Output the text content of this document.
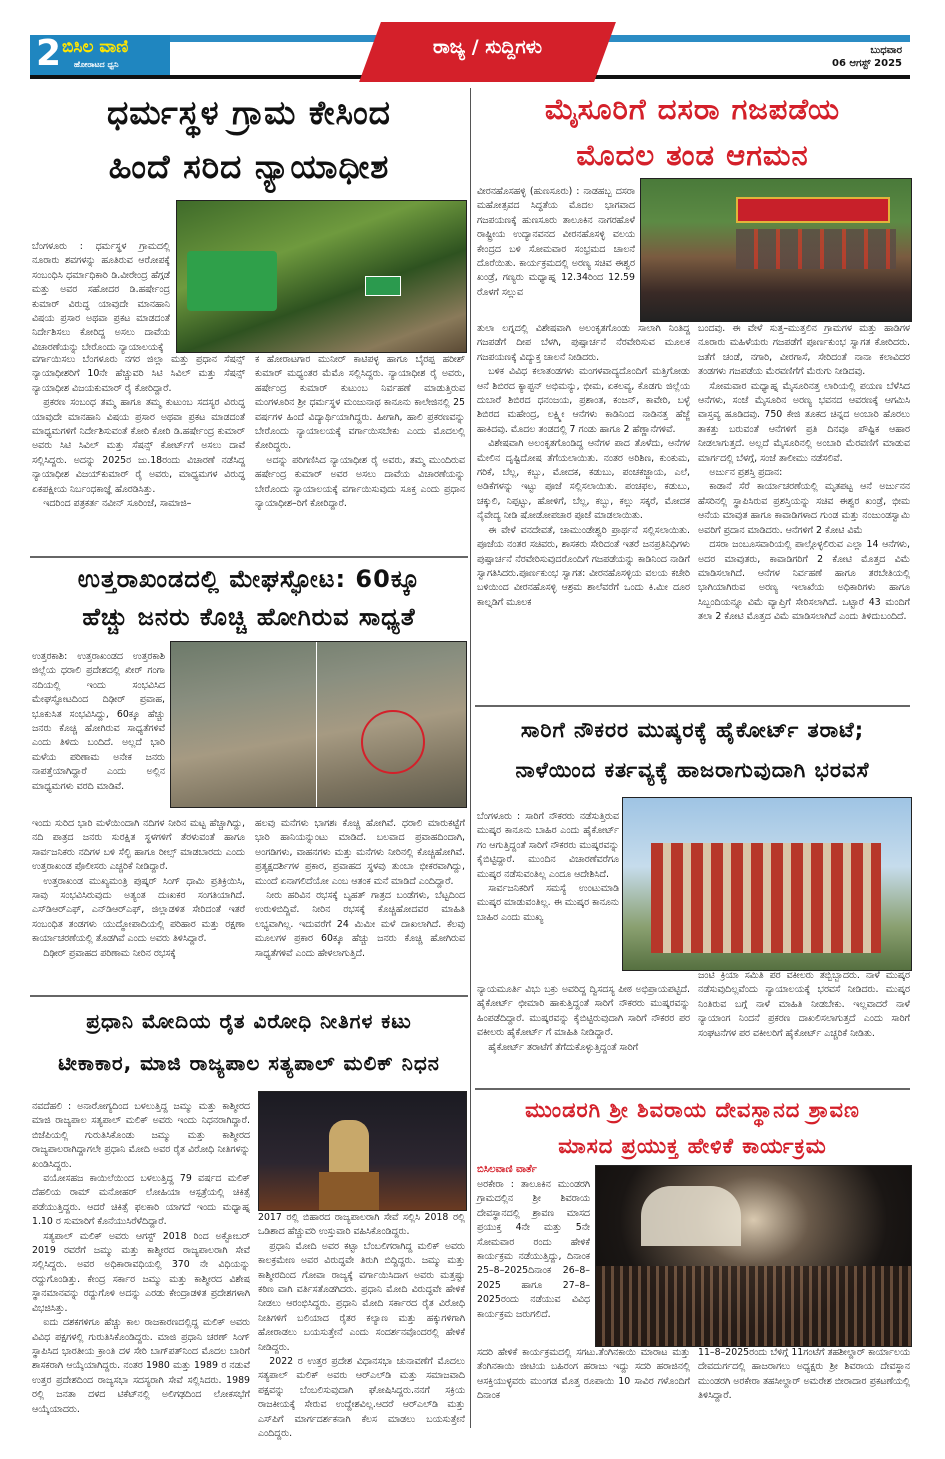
2 ಬಿಸಿಲ ವಾಣಿ
ಹೋರಾಟದ ಧ್ವನಿ
ರಾಜ್ಯ / ಸುದ್ದಿಗಳು	ಬುಧವಾರ
06 ಆಗಸ್ಟ್ 2025
ಧರ್ಮಸ್ಥಳ ಗ್ರಾಮ ಕೇಸಿಂದ
ಹಿಂದೆ ಸರಿದ ನ್ಯಾಯಾಧೀಶ

ಬೆಂಗಳೂರು : ಧರ್ಮಸ್ಥಳ ಗ್ರಾಮದಲ್ಲಿ ನೂರಾರು ಶವಗಳನ್ನು ಹೂತಿರುವ ಆರೋಪಕ್ಕೆ ಸಂಬಂಧಿಸಿ ಧರ್ಮಾಧಿಕಾರಿ ಡಿ.ವೀರೇಂದ್ರ ಹೆಗ್ಗಡೆ ಮತ್ತು ಅವರ ಸಹೋದರ ಡಿ.ಹರ್ಷೇಂದ್ರ ಕುಮಾರ್ ವಿರುದ್ಧ ಯಾವುದೇ ಮಾನಹಾನಿ ವಿಷಯ ಪ್ರಸಾರ ಅಥವಾ ಪ್ರಕಟ ಮಾಡದಂತೆ ನಿರ್ದೇಶಿಸಲು ಕೋರಿದ್ದ ಅಸಲು ದಾವೆಯ ವಿಚಾರಣೆಯನ್ನು ಬೇರೊಂದು ನ್ಯಾಯಾಲಯಕ್ಕೆ

ವರ್ಗಾಯಿಸಲು ಬೆಂಗಳೂರು ನಗರ ಜಿಲ್ಲಾ ಮತ್ತು ಪ್ರಧಾನ ಸೆಷನ್ಸ್ ನ್ಯಾಯಾಧೀಶರಿಗೆ 10ನೇ ಹೆಚ್ಚುವರಿ ಸಿಟಿ ಸಿವಿಲ್ ಮತ್ತು ಸೆಷನ್ಸ್ ನ್ಯಾಯಾಧೀಶ ವಿಜಯಕುಮಾರ್ ರೈ ಕೋರಿದ್ದಾರೆ.

ಪ್ರಕರಣ ಸಂಬಂಧ ತಮ್ಮ ಹಾಗೂ ತಮ್ಮ ಕುಟುಂಬ ಸದಸ್ಯರ ವಿರುದ್ಧ ಯಾವುದೇ ಮಾನಹಾನಿ ವಿಷಯ ಪ್ರಸಾರ ಅಥವಾ ಪ್ರಕಟ ಮಾಡದಂತೆ ಮಾಧ್ಯಮಗಳಿಗೆ ನಿರ್ದೇಶಿಸುವಂತೆ ಕೋರಿ ಕೋರಿ ಡಿ.ಹರ್ಷೇಂದ್ರ ಕುಮಾರ್ ಅವರು ಸಿಟಿ ಸಿವಿಲ್ ಮತ್ತು ಸೆಷನ್ಸ್ ಕೋರ್ಟ್‌ಗೆ ಅಸಲು ದಾವೆ ಸಲ್ಲಿಸಿದ್ದರು. ಅದನ್ನು 2025ರ ಜು.18ರಂದು ವಿಚಾರಣೆ ನಡೆಸಿದ್ದ ನ್ಯಾಯಾಧೀಶ ವಿಜಯ್‌ಕುಮಾರ್ ರೈ ಅವರು, ಮಾಧ್ಯಮಗಳ ವಿರುದ್ಧ ಏಕಪಕ್ಷೀಯ ನಿರ್ಬಂಧಕಾಜ್ಞೆ ಹೊರಡಿಸಿತ್ತು.

ಇದರಿಂದ ಪತ್ರಕರ್ತ ನವೀನ್ ಸೂರಿಂಜೆ, ಸಾಮಾಜಿ–

ಕ ಹೋರಾಟಗಾರ ಮುನೀರ್ ಕಾಟಿಪಳ್ಳ ಹಾಗೂ ಬೈರಪ್ಪ ಹರೀಶ್ ಕುಮಾರ್ ಮಧ್ಯಂತರ ಮೆಮೊ ಸಲ್ಲಿಸಿದ್ದರು. ನ್ಯಾಯಾಧೀಶ ರೈ ಅವರು, ಹರ್ಷೇಂದ್ರ ಕುಮಾರ್ ಕುಟುಂಬ ನಿರ್ವಹಣೆ ಮಾಡುತ್ತಿರುವ ಮಂಗಳೂರಿನ ಶ್ರೀ ಧರ್ಮಸ್ಥಳ ಮಂಜುನಾಥ ಕಾನೂನು ಕಾಲೇಜಿನಲ್ಲಿ 25 ವರ್ಷಗಳ ಹಿಂದೆ ವಿದ್ಯಾರ್ಥಿಯಾಗಿದ್ದರು. ಹೀಗಾಗಿ, ಹಾಲಿ ಪ್ರಕರಣವನ್ನು ಬೇರೊಂದು ನ್ಯಾಯಾಲಯಕ್ಕೆ ವರ್ಗಾಯಿಸಬೇಕು ಎಂದು ಮೊದಲಲ್ಲಿ ಕೋರಿದ್ದರು.

ಅದನ್ನು ಪರಿಗಣಿಸಿದ ನ್ಯಾಯಾಧೀಶ ರೈ ಅವರು, ತಮ್ಮ ಮುಂದಿರುವ ಹರ್ಷೇಂದ್ರ ಕುಮಾರ್ ಅವರ ಅಸಲು ದಾವೆಯ ವಿಚಾರಣೆಯನ್ನು ಬೇರೊಂದು ನ್ಯಾಯಾಲಯಕ್ಕೆ ವರ್ಗಾಯಿಸುವುದು ಸೂಕ್ತ ಎಂದು ಪ್ರಧಾನ ನ್ಯಾಯಾಧೀಶ–ರಿಗೆ ಕೋರಿದ್ದಾರೆ.

ಉತ್ತರಾಖಂಡದಲ್ಲಿ ಮೇಘಸ್ಫೋಟ: 60ಕ್ಕೂ
ಹೆಚ್ಚು ಜನರು ಕೊಚ್ಚಿ ಹೋಗಿರುವ ಸಾಧ್ಯತೆ

ಉತ್ತರಕಾಶಿ: ಉತ್ತರಾಖಂಡದ ಉತ್ತರಕಾಶಿ ಜಿಲ್ಲೆಯ ಧರಾಲಿ ಪ್ರದೇಶದಲ್ಲಿ ಖೀರ್ ಗಂಗಾ ನದಿಯಲ್ಲಿ ಇಂದು ಸಂಭವಿಸಿದ ಮೇಘಸ್ಫೋಟದಿಂದ ದಿಢೀರ್ ಪ್ರವಾಹ, ಭೂಕುಸಿತ ಸಂಭವಿಸಿದ್ದು, 60ಕ್ಕೂ ಹೆಚ್ಚು ಜನರು ಕೊಚ್ಚಿ ಹೋಗಿರುವ ಸಾಧ್ಯತೆಗಳಿವೆ ಎಂದು ತಿಳಿದು ಬಂದಿದೆ. ಅಲ್ಲದೆ ಭಾರಿ ಮಳೆಯ ಪರಿಣಾಮ ಅನೇಕ ಜನರು ನಾಪತ್ತೆಯಾಗಿದ್ದಾರೆ ಎಂದು ಅಲ್ಲಿನ ಮಾಧ್ಯಮಗಳು ವರದಿ ಮಾಡಿವೆ.

ಇಂದು ಸುರಿದ ಭಾರಿ ಮಳೆಯಿಂದಾಗಿ ನದಿಗಳ ನೀರಿನ ಮಟ್ಟ ಹೆಚ್ಚಾಗಿದ್ದು, ನದಿ ಪಾತ್ರದ ಜನರು ಸುರಕ್ಷಿತ ಸ್ಥಳಗಳಿಗೆ ತೆರಳುವಂತೆ ಹಾಗೂ ಸಾರ್ವಜನಿಕರು ನದಿಗಳ ಬಳಿ ಸೆಲ್ಫಿ ಹಾಗೂ ರೀಲ್ಸ್ ಮಾಡಬಾರದು ಎಂದು ಉತ್ತರಾಖಂಡ ಪೊಲೀಸರು ಎಚ್ಚರಿಕೆ ನೀಡಿದ್ದಾರೆ.

ಉತ್ತರಾಖಂಡ ಮುಖ್ಯಮಂತ್ರಿ ಪುಷ್ಕರ್ ಸಿಂಗ್ ಧಾಮಿ ಪ್ರತಿಕ್ರಿಯಿಸಿ, ಸಾವು ಸಂಭವಿಸಿರುವುದು ಅತ್ಯಂತ ದುಃಖಕರ ಸಂಗತಿಯಾಗಿದೆ. ಎಸ್‌ಡಿಆರ್‌ಎಫ್, ಎನ್‌ಡಿಆರ್‌ಎಫ್, ಜಿಲ್ಲಾಡಳಿತ ಸೇರಿದಂತೆ ಇತರೆ ಸಂಬಂಧಿತ ತಂಡಗಳು ಯುದ್ಧೋಪಾದಿಯಲ್ಲಿ ಪರಿಹಾರ ಮತ್ತು ರಕ್ಷಣಾ ಕಾರ್ಯಾಚರಣೆಯಲ್ಲಿ ತೊಡಗಿವೆ ಎಂದು ಅವರು ತಿಳಿಸಿದ್ದಾರೆ.

ದಿಢೀರ್ ಪ್ರವಾಹದ ಪರಿಣಾಮ ನೀರಿನ ರಭಸಕ್ಕೆ

ಹಲವು ಮನೆಗಳು ಭಾಗಶಃ ಕೊಚ್ಚಿ ಹೋಗಿವೆ. ಧರಾಲಿ ಮಾರುಕಟ್ಟೆಗೆ ಭಾರಿ ಹಾನಿಯನ್ನುಂಟು ಮಾಡಿದೆ. ಬಲವಾದ ಪ್ರವಾಹದಿಂದಾಗಿ, ಅಂಗಡಿಗಳು, ವಾಹನಗಳು ಮತ್ತು ಮನೆಗಳು ನೀರಿನಲ್ಲಿ ಕೊಚ್ಚಿಹೋಗಿವೆ. ಪ್ರತ್ಯಕ್ಷದರ್ಶಿಗಳ ಪ್ರಕಾರ, ಪ್ರವಾಹದ ಸ್ಥಳವು ತುಂಬಾ ಭೀಕರವಾಗಿದ್ದು, ಮುಂದೆ ಏನಾಗಲಿದೆಯೋ ಎಂಬ ಆತಂಕ ಮನೆ ಮಾಡಿದೆ ಎಂದಿದ್ದಾರೆ.

ನೀರು ಹರಿವಿನ ರಭಸಕ್ಕೆ ಬೃಹತ್ ಗಾತ್ರದ ಬಂಡೆಗಳು, ಬೆಟ್ಟದಿಂದ ಉರುಳಿಬಿದ್ದಿವೆ. ನೀರಿನ ರಭಸಕ್ಕೆ ಕೊಚ್ಚಿಹೋದವರ ಮಾಹಿತಿ ಲಭ್ಯವಾಗಿಲ್ಲ. ಇದುವರೆಗೆ 24 ಮಿಮೀ ಮಳೆ ದಾಖಲಾಗಿದೆ. ಕೆಲವು ಮೂಲಗಳ ಪ್ರಕಾರ 60ಕ್ಕೂ ಹೆಚ್ಚು ಜನರು ಕೊಚ್ಚಿ ಹೋಗಿರುವ ಸಾಧ್ಯತೆಗಳಿವೆ ಎಂದು ಹೇಳಲಾಗುತ್ತಿದೆ.

ಪ್ರಧಾನಿ ಮೋದಿಯ ರೈತ ವಿರೋಧಿ ನೀತಿಗಳ ಕಟು
ಟೀಕಾಕಾರ, ಮಾಜಿ ರಾಜ್ಯಪಾಲ ಸತ್ಯಪಾಲ್ ಮಲಿಕ್ ನಿಧನ

ನವದೆಹಲಿ : ಅನಾರೋಗ್ಯದಿಂದ ಬಳಲುತ್ತಿದ್ದ ಜಮ್ಮು ಮತ್ತು ಕಾಶ್ಮೀರದ ಮಾಜಿ ರಾಜ್ಯಪಾಲ ಸತ್ಯಪಾಲ್ ಮಲಿಕ್ ಅವರು ಇಂದು ನಿಧನರಾಗಿದ್ದಾರೆ. ಬಿಜೆಪಿಯಲ್ಲಿ ಗುರುತಿಸಿಕೊಂಡು ಜಮ್ಮು ಮತ್ತು ಕಾಶ್ಮೀರದ ರಾಜ್ಯಪಾಲರಾಗಿದ್ದಾಗಲೇ ಪ್ರಧಾನಿ ಮೋದಿ ಅವರ ರೈತ ವಿರೋಧಿ ನೀತಿಗಳನ್ನು ಖಂಡಿಸಿದ್ದರು.

ವಯೋಸಹಜ ಕಾಯಿಲೆಯಿಂದ ಬಳಲುತ್ತಿದ್ದ 79 ವರ್ಷದ ಮಲಿಕ್ ದೆಹಲಿಯ ರಾಮ್ ಮನೋಹರ್ ಲೋಹಿಯಾ ಆಸ್ಪತ್ರೆಯಲ್ಲಿ ಚಿಕಿತ್ಸೆ ಪಡೆಯುತ್ತಿದ್ದರು. ಆದರೆ ಚಿಕಿತ್ಸೆ ಫಲಕಾರಿ ಯಾಗದೆ ಇಂದು ಮಧ್ಯಾಹ್ನ 1.10 ರ ಸುಮಾರಿಗೆ ಕೊನೆಯುಸಿರೆಳೆದಿದ್ದಾರೆ.

ಸತ್ಯಪಾಲ್ ಮಲಿಕ್ ಅವರು ಆಗಸ್ಟ್ 2018 ರಿಂದ ಅಕ್ಟೋಬರ್ 2019 ರವರೆಗೆ ಜಮ್ಮು ಮತ್ತು ಕಾಶ್ಮೀರದ ರಾಜ್ಯಪಾಲರಾಗಿ ಸೇವೆ ಸಲ್ಲಿಸಿದ್ದರು. ಅವರ ಅಧಿಕಾರಾವಧಿಯಲ್ಲಿ 370 ನೇ ವಿಧಿಯನ್ನು ರದ್ದುಗೊಂಡಿತ್ತು. ಕೇಂದ್ರ ಸರ್ಕಾರ ಜಮ್ಮು ಮತ್ತು ಕಾಶ್ಮೀರದ ವಿಶೇಷ ಸ್ಥಾನಮಾನವನ್ನು ರದ್ದುಗೊಳಿ ಅದನ್ನು ಎರಡು ಕೇಂದ್ರಾಡಳಿತ ಪ್ರದೇಶಗಳಾಗಿ ವಿಭಜಿಸಿತ್ತು.

ಐದು ದಶಕಗಳಿಗೂ ಹೆಚ್ಚು ಕಾಲ ರಾಜಕಾರಣದಲ್ಲಿದ್ದ ಮಲಿಕ್ ಅವರು ವಿವಿಧ ಪಕ್ಷಗಳಲ್ಲಿ ಗುರುತಿಸಿಕೊಂಡಿದ್ದರು. ಮಾಜಿ ಪ್ರಧಾನಿ ಚರಣ್ ಸಿಂಗ್ ಸ್ಥಾಪಿಸಿದ ಭಾರತೀಯ ಕ್ರಾಂತಿ ದಳ ಸೇರಿ ಬಾಗ್‌ಪತ್‌ನಿಂದ ಮೊದಲ ಬಾರಿಗೆ ಶಾಸಕರಾಗಿ ಆಯ್ಕೆಯಾಗಿದ್ದರು. ನಂತರ 1980 ಮತ್ತು 1989 ರ ನಡುವೆ ಉತ್ತರ ಪ್ರದೇಶದಿಂದ ರಾಜ್ಯಸಭಾ ಸದಸ್ಯರಾಗಿ ಸೇವೆ ಸಲ್ಲಿಸಿದರು. 1989 ರಲ್ಲಿ ಜನತಾ ದಳದ ಟಿಕೆಟ್‌ನಲ್ಲಿ ಅಲಿಗಢದಿಂದ ಲೋಕಸಭೆಗೆ ಆಯ್ಕೆಯಾದರು.

2017 ರಲ್ಲಿ ಬಿಹಾರದ ರಾಜ್ಯಪಾಲರಾಗಿ ಸೇವೆ ಸಲ್ಲಿಸಿ 2018 ರಲ್ಲಿ ಒಡಿಶಾದ ಹೆಚ್ಚುವರಿ ಉಸ್ತುವಾರಿ ವಹಿಸಿಕೊಂಡಿದ್ದರು.

ಪ್ರಧಾನಿ ಮೋದಿ ಅವರ ಕಟ್ಟಾ ಬೆಂಬಲಿಗರಾಗಿದ್ದ ಮಲಿಕ್ ಅವರು ಕಾಲಕ್ರಮೇಣ ಅವರ ವಿರುದ್ಧವೇ ತಿರುಗಿ ಬಿದ್ದಿದ್ದರು. ಜಮ್ಮು ಮತ್ತು ಕಾಶ್ಮೀರದಿಂದ ಗೋವಾ ರಾಜ್ಯಕ್ಕೆ ವರ್ಗಾಯಿಸಿದಾಗ ಅವರು ಮತ್ತಷ್ಟು ಕಠಿಣ ವಾಗಿ ವರ್ತಿಸತೊಡಗಿದರು. ಪ್ರಧಾನಿ ಮೋದಿ ವಿರುದ್ಧವೇ ಹೇಳಿಕೆ ನೀಡಲು ಆರಂಭಿಸಿದ್ದರು. ಪ್ರಧಾನಿ ಮೋದಿ ಸರ್ಕಾರದ ರೈತ ವಿರೋಧಿ ನೀತಿಗಳಿಗೆ ಬಲಿಯಾದ ರೈತರ ಕಲ್ಯಾಣ ಮತ್ತು ಹಕ್ಕುಗಳಿಗಾಗಿ ಹೋರಾಡಲು ಬಯಸುತ್ತೇನೆ ಎಂದು ಸಂದರ್ಶನವೊಂದರಲ್ಲಿ ಹೇಳಿಕೆ ನೀಡಿದ್ದರು.

2022 ರ ಉತ್ತರ ಪ್ರದೇಶ ವಿಧಾನಸಭಾ ಚುನಾವಣೆಗೆ ಮೊದಲು ಸತ್ಯಪಾಲ್ ಮಲಿಕ್ ಅವರು ಆರ್‌ಎಲ್‌ಡಿ ಮತ್ತು ಸಮಾಜವಾದಿ ಪಕ್ಷವನ್ನು ಬೆಂಬಲಿಸುವುದಾಗಿ ಘೋಷಿಸಿದ್ದರು.ನನಗೆ ಸಕ್ರಿಯ ರಾಜಕೀಯಕ್ಕೆ ಸೇರುವ ಉದ್ದೇಶವಿಲ್ಲ.ಆದರೆ ಆರ್‌ಎಲ್‌ಡಿ ಮತ್ತು ಎಸ್‌ಪಿಗೆ ಮಾರ್ಗದರ್ಶಕನಾಗಿ ಕೆಲಸ ಮಾಡಲು ಬಯಸುತ್ತೇನೆ ಎಂದಿದ್ದರು.

ಮೈಸೂರಿಗೆ ದಸರಾ ಗಜಪಡೆಯ
ಮೊದಲ ತಂಡ ಆಗಮನ

ವೀರನಹೊಸಹಳ್ಳಿ (ಹುಣಸೂರು) : ನಾಡಹಬ್ಬ ದಸರಾ ಮಹೋತ್ಸವದ ಸಿದ್ಧತೆಯ ಮೊದಲ ಭಾಗವಾದ ಗಜಪಯಣಕ್ಕೆ ಹುಣಸೂರು ತಾಲೂಕಿನ ನಾಗರಹೊಳೆ ರಾಷ್ಟ್ರೀಯ ಉದ್ಯಾನವನದ ವೀರನಹೊಸಳ್ಳಿ ವಲಯ ಕೇಂದ್ರದ ಬಳಿ ಸೋಮವಾರ ಸಂಭ್ರಮದ ಚಾಲನೆ ದೊರೆಯಿತು. ಕಾರ್ಯಕ್ರಮದಲ್ಲಿ ಅರಣ್ಯ ಸಚಿವ ಈಶ್ವರ ಖಂಡ್ರೆ, ಗಣ್ಯರು ಮಧ್ಯಾಹ್ನ 12.34ರಿಂದ 12.59 ರೊಳಗೆ ಸಲ್ಲುವ

ತುಲಾ ಲಗ್ನದಲ್ಲಿ ವಿಶೇಷವಾಗಿ ಅಲಂಕೃತಗೊಂಡು ಸಾಲಾಗಿ ನಿಂತಿದ್ದ ಗಜಪಡೆಗೆ ದೀಪ ಬೆಳಗಿ, ಪುಷ್ಪಾರ್ಚನೆ ನೆರವೇರಿಸುವ ಮೂಲಕ ಗಜಪಯಣಕ್ಕೆ ವಿದ್ಯುಕ್ತ ಚಾಲನೆ ನೀಡಿದರು.

ಬಳಿಕ ವಿವಿಧ ಕಲಾತಂಡಗಳು ಮಂಗಳವಾದ್ಯದೊಂದಿಗೆ ಮತ್ತಿಗೋಡು ಆನೆ ಶಿಬಿರದ ಕ್ಯಾಪ್ಟನ್ ಅಭಿಮನ್ಯು, ಭೀಮ, ಏಕಲವ್ಯ, ಕೊಡಗು ಜಿಲ್ಲೆಯ ದುಬಾರೆ ಶಿಬಿರದ ಧನಂಜಯ, ಪ್ರಶಾಂತ, ಕಂಜನ್, ಕಾವೇರಿ, ಬಳ್ಳೆ ಶಿಬಿರದ ಮಹೇಂದ್ರ, ಲಕ್ಷ್ಮೀ ಆನೆಗಳು ಕಾಡಿನಿಂದ ನಾಡಿನತ್ತ ಹೆಜ್ಜೆ ಹಾಕಿದವು. ಮೊದಲ ತಂಡದಲ್ಲಿ 7 ಗಂಡು ಹಾಗೂ 2 ಹೆಣ್ಣಾನೆಗಳಿವೆ.

ವಿಶೇಷವಾಗಿ ಅಲಂಕೃತಗೊಂಡಿದ್ದ ಆನೆಗಳ ಪಾದ ತೊಳೆದು, ಆನೆಗಳ ಮೇಲಿನ ದೃಷ್ಟಿದೋಷ ತೆಗೆಯಲಾಯಿತು. ನಂತರ ಅರಿಶಿಣ, ಕುಂಕುಮ, ಗರಿಕೆ, ಬೆಲ್ಲ, ಕಬ್ಬು, ಮೋದಕ, ಕಡುಬು, ಪಂಚಕಜ್ಜಾಯ, ಎಲೆ, ಅಡಿಕೆಗಳನ್ನು ಇಟ್ಟು ಪೂಜೆ ಸಲ್ಲಿಸಲಾಯಿತು. ಪಂಚಫಲ, ಕಡುಬು, ಚಕ್ಕುಲಿ, ನಿಪ್ಪಟ್ಟು, ಹೋಳಿಗೆ, ಬೆಲ್ಲ, ಕಬ್ಬು, ಕಲ್ಲು ಸಕ್ಕರೆ, ಮೋದಕ ನೈವೇದ್ಯ ನೀಡಿ ಷೋಡೋಪಚಾರ ಪೂಜೆ ಮಾಡಲಾಯಿತು.

ಈ ವೇಳೆ ವನದೇವತೆ, ಚಾಮುಂಡೇಶ್ವರಿ ಪ್ರಾರ್ಥನೆ ಸಲ್ಲಿಸಲಾಯಿತು. ಪೂಜೆಯ ನಂತರ ಸಚಿವರು, ಶಾಸಕರು ಸೇರಿದಂತೆ ಇತರೆ ಜನಪ್ರತಿನಿಧಿಗಳು ಪುಷ್ಪಾರ್ಚನೆ ನೆರವೇರಿಸುವುದರೊಂದಿಗೆ ಗಜಪಡೆಯನ್ನು ಕಾಡಿನಿಂದ ನಾಡಿಗೆ ಸ್ವಾಗತಿಸಿದರು.ಪೂರ್ಣಕುಂಭ ಸ್ವಾಗತ: ವೀರನಹೊಸಳ್ಳಿಯ ವಲಯ ಕಚೇರಿ ಬಳಿಯಿಂದ ವೀರನಹೊಸಳ್ಳಿ ಆಶ್ರಮ ಶಾಲೆವರೆಗೆ ಒಂದು ಕಿ.ಮೀ ದೂರ ಕಾಲ್ನಡಿಗೆ ಮೂಲಕ

ಬಂದವು. ಈ ವೇಳೆ ಸುತ್ತ–ಮುತ್ತಲಿನ ಗ್ರಾಮಗಳ ಮತ್ತು ಹಾಡಿಗಳ ನೂರಾರು ಮಹಿಳೆಯರು ಗಜಪಡೆಗೆ ಪೂರ್ಣಕುಂಭ ಸ್ವಾಗತ ಕೋರಿದರು. ಜತೆಗೆ ಚಂಡೆ, ನಗಾರಿ, ವೀರಗಾಸೆ, ಸೇರಿದಂತೆ ನಾನಾ ಕಲಾವಿದರ ತಂಡಗಳು ಗಜಪಡೆಯ ಮೆರವಣಿಗೆಗೆ ಮೆರುಗು ನೀಡಿದವು.

ಸೋಮವಾರ ಮಧ್ಯಾಹ್ನ ಮೈಸೂರಿನತ್ತ ಲಾರಿಯಲ್ಲಿ ಪಯಣ ಬೆಳೆಸಿದ ಆನೆಗಳು, ಸಂಜೆ ಮೈಸೂರಿನ ಅರಣ್ಯ ಭವನದ ಆವರಣಕ್ಕೆ ಆಗಮಿಸಿ ವಾಸ್ತವ್ಯ ಹೂಡಿದವು. 750 ಕೇಜಿ ತೂಕದ ಚಿನ್ನದ ಅಂಬಾರಿ ಹೊರಲು ತಾಕತ್ತು ಬರುವಂತೆ ಆನೆಗಳಿಗೆ ಪ್ರತಿ ದಿನವೂ ಪೌಷ್ಟಿಕ ಆಹಾರ ನೀಡಲಾಗುತ್ತದೆ. ಅಲ್ಲದೆ ಮೈಸೂರಿನಲ್ಲಿ ಅಂಬಾರಿ ಮೆರವಣಿಗೆ ಮಾಡುವ ಮಾರ್ಗದಲ್ಲಿ ಬೆಳಗ್ಗೆ, ಸಂಜೆ ತಾಲೀಮು ನಡೆಸಲಿವೆ.

ಅರ್ಜುನ ಪ್ರಶಸ್ತಿ ಪ್ರದಾನ:

ಕಾಡಾನೆ ಸೆರೆ ಕಾರ್ಯಾಚರಣೆಯಲ್ಲಿ ಮೃತಪಟ್ಟ ಆನೆ ಅರ್ಜುನನ ಹೆಸರಿನಲ್ಲಿ ಸ್ಥಾಪಿಸಿರುವ ಪ್ರಶಸ್ತಿಯನ್ನು ಸಚಿವ ಈಶ್ವರ ಖಂಡ್ರೆ, ಭೀಮ ಆನೆಯ ಮಾವುತ ಹಾಗೂ ಕಾವಾಡಿಗಳಾದ ಗುಂಡ ಮತ್ತು ನಂಜುಂಡಸ್ವಾಮಿ ಅವರಿಗೆ ಪ್ರದಾನ ಮಾಡಿದರು. ಆನೆಗಳಿಗೆ 2 ಕೋಟಿ ವಿಮೆ

ದಸರಾ ಜಂಬೂಸವಾರಿಯಲ್ಲಿ ಪಾಲ್ಗೊಳ್ಳಲಿರುವ ಎಲ್ಲಾ 14 ಆನೆಗಳು, ಅದರ ಮಾವುತರು, ಕಾವಾಡಿಗರಿಗೆ 2 ಕೋಟಿ ಮೊತ್ತದ ವಿಮೆ ಮಾಡಿಸಲಾಗಿದೆ. ಆನೆಗಳ ನಿರ್ವಹಣೆ ಹಾಗೂ ತರಬೇತಿಯಲ್ಲಿ ಭಾಗಿಯಾಗಿರುವ ಅರಣ್ಯ ಇಲಾಖೆಯ ಅಧಿಕಾರಿಗಳು ಹಾಗೂ ಸಿಬ್ಬಂದಿಯನ್ನೂ ವಿಮೆ ವ್ಯಾಪ್ತಿಗೆ ಸೇರಿಸಲಾಗಿದೆ. ಒಟ್ಟಾರೆ 43 ಮಂದಿಗೆ ತಲಾ 2 ಕೋಟಿ ಮೊತ್ತದ ವಿಮೆ ಮಾಡಿಸಲಾಗಿದೆ ಎಂದು ತಿಳಿದುಬಂದಿದೆ.

ಸಾರಿಗೆ ನೌಕರರ ಮುಷ್ಕರಕ್ಕೆ ಹೈಕೋರ್ಟ್ ತರಾಟೆ;
ನಾಳೆಯಿಂದ ಕರ್ತವ್ಯಕ್ಕೆ ಹಾಜರಾಗುವುದಾಗಿ ಭರವಸೆ

ಬೆಂಗಳೂರು : ಸಾರಿಗೆ ನೌಕರರು ನಡೆಸುತ್ತಿರುವ ಮುಷ್ಕರ ಕಾನೂನು ಬಾಹಿರ ಎಂದು ಹೈಕೋರ್ಟ್ ಗಂ ಆಗುತ್ತಿದ್ದಂತೆ ಸಾರಿಗೆ ನೌಕರರು ಮುಷ್ಕರವನ್ನು ಕೈಬಿಟ್ಟಿದ್ದಾರೆ. ಮುಂದಿನ ವಿಚಾರಣೆವರೆಗೂ ಮುಷ್ಕರ ನಡೆಸುವಂತಿಲ್ಲ ಎಂದೂ ಆದೇಶಿಸಿದೆ.

ಸಾರ್ವಜನಿಕರಿಗೆ ಸಮಸ್ಯೆ ಉಂಟುಮಾಡಿ ಮುಷ್ಕರ ಮಾಡುವಂತಿಲ್ಲ. ಈ ಮುಷ್ಕರ ಕಾನೂನು ಬಾಹಿರ ಎಂದು ಮುಖ್ಯ

ನ್ಯಾಯಮೂರ್ತಿ ವಿಭು ಬಕ್ರು ಅವರಿದ್ದ ದ್ವಿಸದಸ್ಯ ಪೀಠ ಅಭಿಪ್ರಾಯಪಟ್ಟಿದೆ. ಹೈಕೋರ್ಟ್ ಛೀಮಾರಿ ಹಾಕುತ್ತಿದ್ದಂತೆ ಸಾರಿಗೆ ನೌಕರರು ಮುಷ್ಕರವನ್ನು ಹಿಂಪಡೆದಿದ್ದಾರೆ. ಮುಷ್ಕರವನ್ನು ಕೈಬಿಟ್ಟಿರುವುದಾಗಿ ಸಾರಿಗೆ ನೌಕರರ ಪರ ವಕೀಲರು ಹೈಕೋರ್ಟ್ ಗೆ ಮಾಹಿತಿ ನೀಡಿದ್ದಾರೆ.

ಹೈಕೋರ್ಟ್ ತರಾಟೆಗೆ ತೆಗೆದುಕೊಳ್ಳುತ್ತಿದ್ದಂತೆ ಸಾರಿಗೆ

ಜಂಟಿ ಕ್ರಿಯಾ ಸಮಿತಿ ಪರ ವಕೀಲರು ತಬ್ಬಿಬ್ಬಾದರು. ನಾಳೆ ಮುಷ್ಕರ ನಡೆಸುವುದಿಲ್ಲವೆಂದು ನ್ಯಾಯಾಲಯಕ್ಕೆ ಭರವಸೆ ನೀಡಿದರು. ಮುಷ್ಕರ ನಿಂತಿರುವ ಬಗ್ಗೆ ನಾಳೆ ಮಾಹಿತಿ ನೀಡಬೇಕು. ಇಲ್ಲವಾದರೆ ನಾಳೆ ನ್ಯಾಯಾಂಗ ನಿಂದನೆ ಪ್ರಕರಣ ದಾಖಲಿಸಲಾಗುತ್ತದೆ ಎಂದು ಸಾರಿಗೆ ಸಂಘಟನೆಗಳ ಪರ ವಕೀಲರಿಗೆ ಹೈಕೋರ್ಟ್ ಎಚ್ಚರಿಕೆ ನೀಡಿತು.

ಮುಂಡರಗಿ ಶ್ರೀ ಶಿವರಾಯ ದೇವಸ್ಥಾನದ ಶ್ರಾವಣ
ಮಾಸದ ಪ್ರಯುಕ್ತ ಹೇಳಿಕೆ ಕಾರ್ಯಕ್ರಮ
ಬಿಸಿಲವಾಣಿ ವಾರ್ತೆ

ಅರಕೇರಾ : ತಾಲೂಕಿನ ಮುಂಡರಗಿ ಗ್ರಾಮದಲ್ಲಿನ ಶ್ರೀ ಶಿವರಾಯ ದೇವಸ್ಥಾನದಲ್ಲಿ ಶ್ರಾವಣ ಮಾಸದ ಪ್ರಯುಕ್ತ 4ನೇ ಮತ್ತು 5ನೇ ಸೋಮವಾರ ರಂದು ಹೇಳಿಕೆ ಕಾರ್ಯಕ್ರಮ ನಡೆಯುತ್ತಿದ್ದು, ದಿನಾಂಕ 25–8–2025ದಿನಾಂಕ 26–8–2025 ಹಾಗೂ 27–8–2025ರಂದು ನಡೆಯುವ ವಿವಿಧ ಕಾರ್ಯಕ್ರಮ ಜರುಗಲಿದೆ.

ಸದರಿ ಹೇಳಿಕೆ ಕಾರ್ಯಕ್ರಮದಲ್ಲಿ ಸಗಟು.ತೆಂಗಿನಕಾಯಿ ಮಾರಾಟ ಮತ್ತು ತೆಂಗಿನಕಾಯಿ ಜೀಟಿಯ ಬಹಿರಂಗ ಹರಾಜು ಇದ್ದು ಸದರಿ ಹರಾಜಿನಲ್ಲಿ ಆಸಕ್ತಿಯುಳ್ಳವರು ಮುಂಗಡ ಮೊತ್ತ ರೂಪಾಯಿ 10 ಸಾವಿರ ಗಳೊಂದಿಗೆ ದಿನಾಂಕ

11–8–2025ರಂದು ಬೆಳಿಗ್ಗೆ 11ಗಂಟೆಗೆ ತಹಶೀಲ್ದಾರ್ ಕಾರ್ಯಾಲಯ ದೇವದುರ್ಗದಲ್ಲಿ ಹಾಜರಾಗಲು ಅಧ್ಯಕ್ಷರು ಶ್ರೀ ಶಿವರಾಯ ದೇವಸ್ಥಾನ ಮುಂಡರಗಿ ಅರಕೇರಾ ತಹಸೀಲ್ದಾರ್ ಅಮರೇಶ ಬೀರಾದಾರ ಪ್ರಕಟಣೆಯಲ್ಲಿ ತಿಳಿಸಿದ್ದಾರೆ.
